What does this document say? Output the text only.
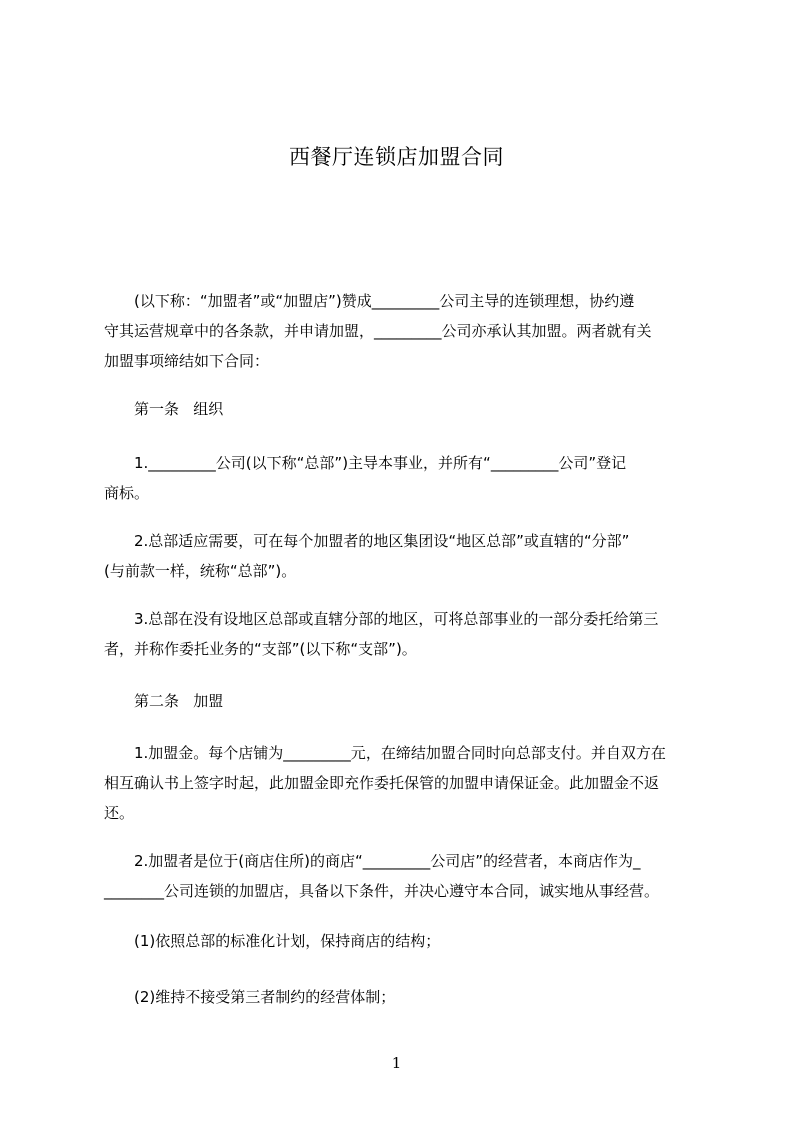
西餐厅连锁店加盟合同
(以下称：“加盟者”或“加盟店”)赞成_________公司主导的连锁理想，协约遵
守其运营规章中的各条款，并申请加盟，_________公司亦承认其加盟。两者就有关
加盟事项缔结如下合同：
第一条   组织
1._________公司(以下称“总部”)主导本事业，并所有“_________公司”登记
商标。
2.总部适应需要，可在每个加盟者的地区集团设“地区总部”或直辖的“分部”
(与前款一样，统称“总部”)。
3.总部在没有设地区总部或直辖分部的地区，可将总部事业的一部分委托给第三
者，并称作委托业务的“支部”(以下称“支部”)。
第二条   加盟
1.加盟金。每个店铺为_________元，在缔结加盟合同时向总部支付。并自双方在
相互确认书上签字时起，此加盟金即充作委托保管的加盟申请保证金。此加盟金不返
还。
2.加盟者是位于(商店住所)的商店“_________公司店”的经营者，本商店作为_
________公司连锁的加盟店，具备以下条件，并决心遵守本合同，诚实地从事经营。
(1)依照总部的标准化计划，保持商店的结构；
(2)维持不接受第三者制约的经营体制；
1
